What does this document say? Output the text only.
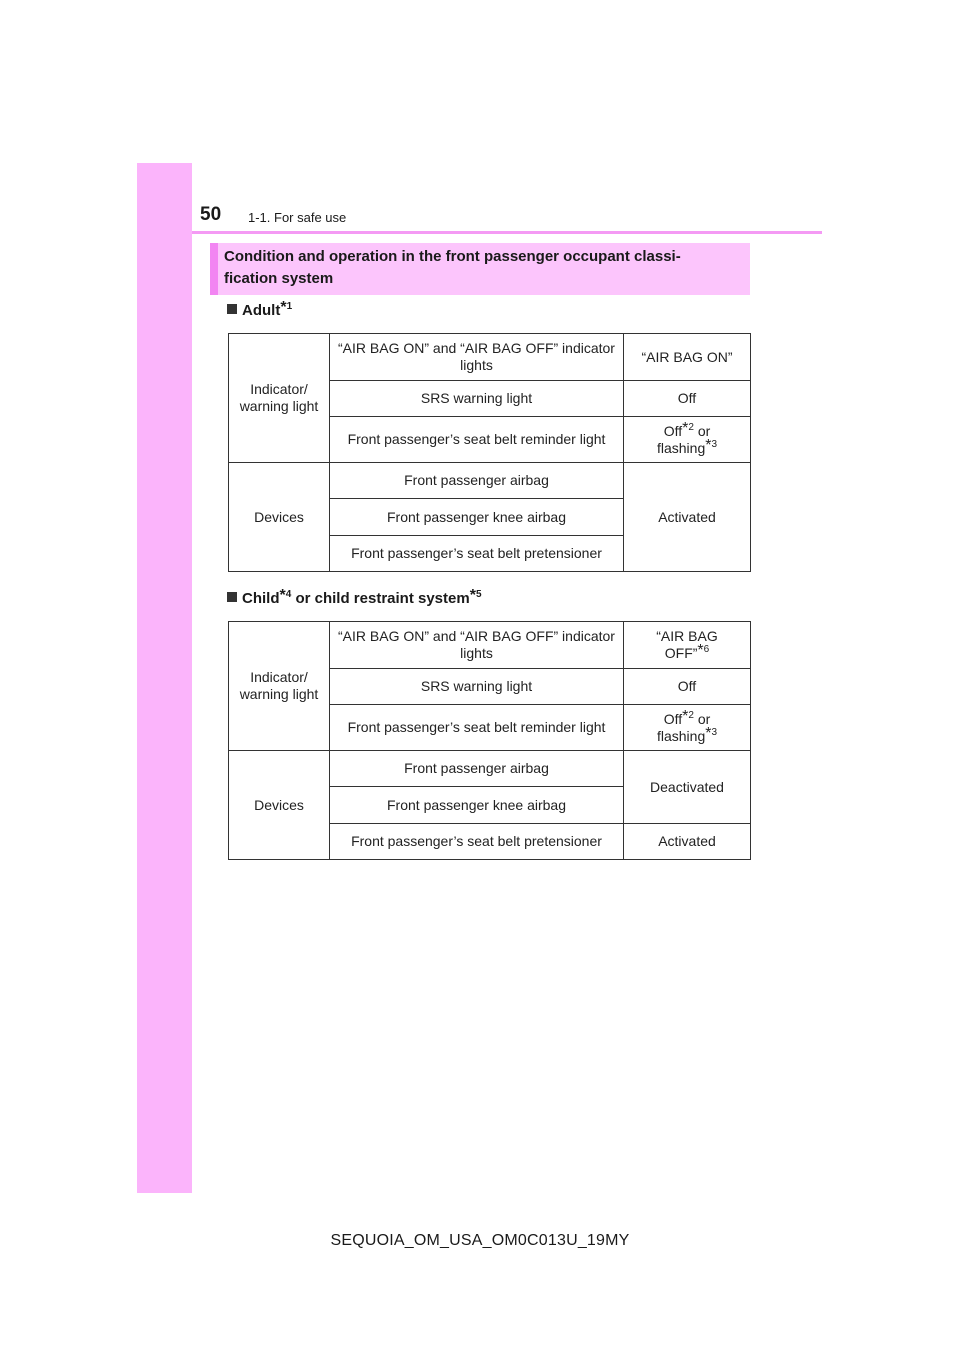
50 1-1. For safe use
Condition and operation in the front passenger occupant classi-
fication system
Adult$^{*1}$
Indicator/ warning light	“AIR BAG ON” and “AIR BAG OFF” indicator lights	“AIR BAG ON”
	SRS warning light	Off
	Front passenger’s seat belt reminder light	Off$^{*2}$ or
flashing$^{*3}$
Devices	Front passenger airbag	Activated
	Front passenger knee airbag	
	Front passenger’s seat belt pretensioner	
Child$^{*4}$ or child restraint system$^{*5}$
Indicator/ warning light	“AIR BAG ON” and “AIR BAG OFF” indicator lights	“AIR BAG
OFF”$^{*6}$
	SRS warning light	Off
	Front passenger’s seat belt reminder light	Off$^{*2}$ or
flashing$^{*3}$
Devices	Front passenger airbag	Deactivated
	Front passenger knee airbag	
	Front passenger’s seat belt pretensioner	Activated
SEQUOIA_OM_USA_OM0C013U_19MY
